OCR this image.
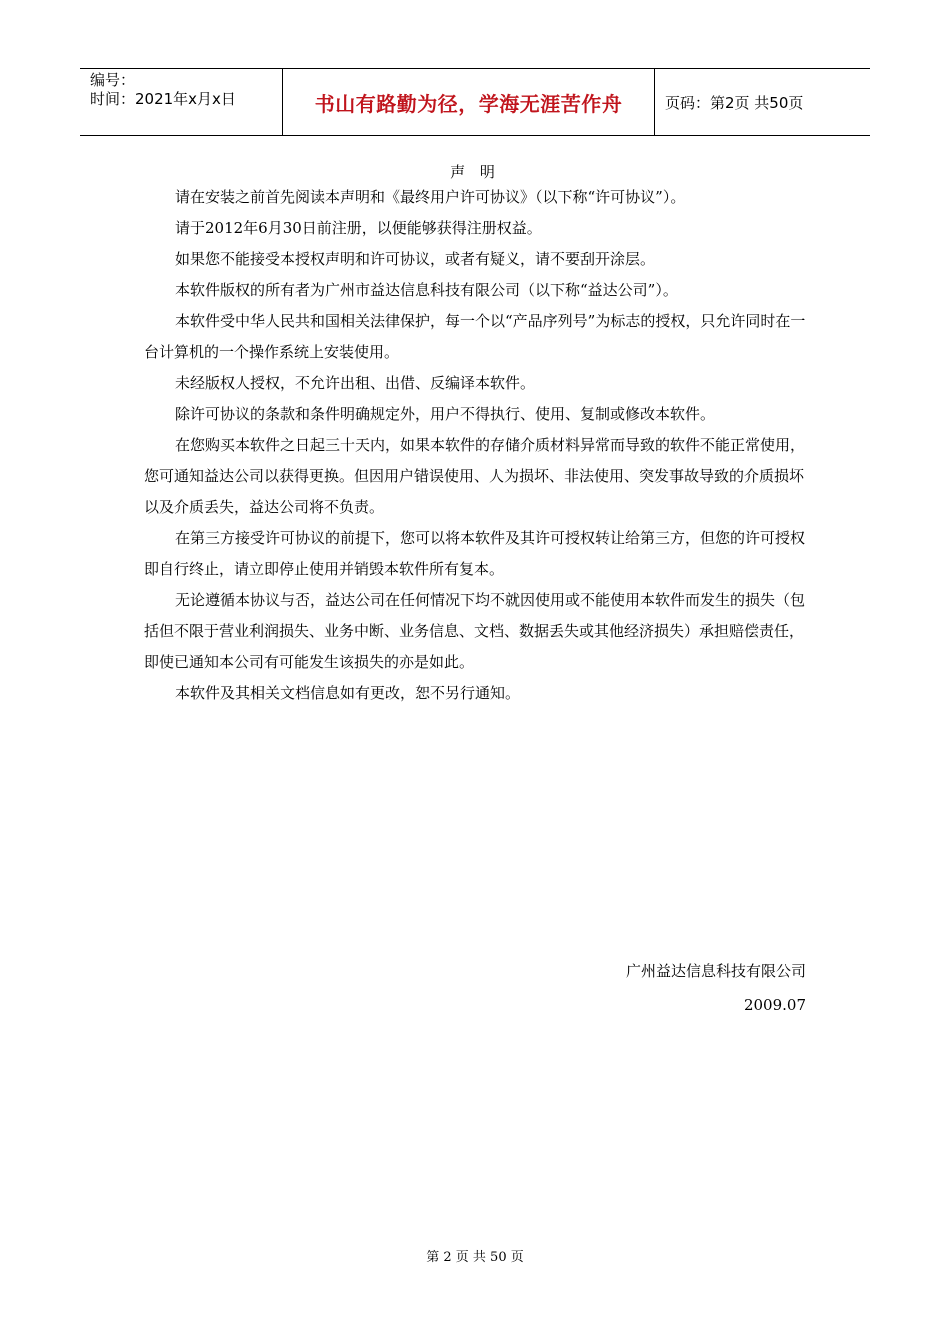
编号：
时间：2021年x月x日	书山有路勤为径，学海无涯苦作舟	页码：第2页 共50页
声 明

请在安装之前首先阅读本声明和《最终用户许可协议》（以下称“许可协议”）。

请于2012年6月30日前注册，以便能够获得注册权益。

如果您不能接受本授权声明和许可协议，或者有疑义，请不要刮开涂层。

本软件版权的所有者为广州市益达信息科技有限公司（以下称“益达公司”）。

本软件受中华人民共和国相关法律保护，每一个以“产品序列号”为标志的授权，只允许同时在一台计算机的一个操作系统上安装使用。

未经版权人授权，不允许出租、出借、反编译本软件。

除许可协议的条款和条件明确规定外，用户不得执行、使用、复制或修改本软件。

在您购买本软件之日起三十天内，如果本软件的存储介质材料异常而导致的软件不能正常使用，您可通知益达公司以获得更换。但因用户错误使用、人为损坏、非法使用、突发事故导致的介质损坏以及介质丢失，益达公司将不负责。

在第三方接受许可协议的前提下，您可以将本软件及其许可授权转让给第三方，但您的许可授权即自行终止，请立即停止使用并销毁本软件所有复本。

无论遵循本协议与否，益达公司在任何情况下均不就因使用或不能使用本软件而发生的损失（包括但不限于营业利润损失、业务中断、业务信息、文档、数据丢失或其他经济损失）承担赔偿责任，即使已通知本公司有可能发生该损失的亦是如此。

本软件及其相关文档信息如有更改，恕不另行通知。

广州益达信息科技有限公司
2009.07
第 2 页 共 50 页
